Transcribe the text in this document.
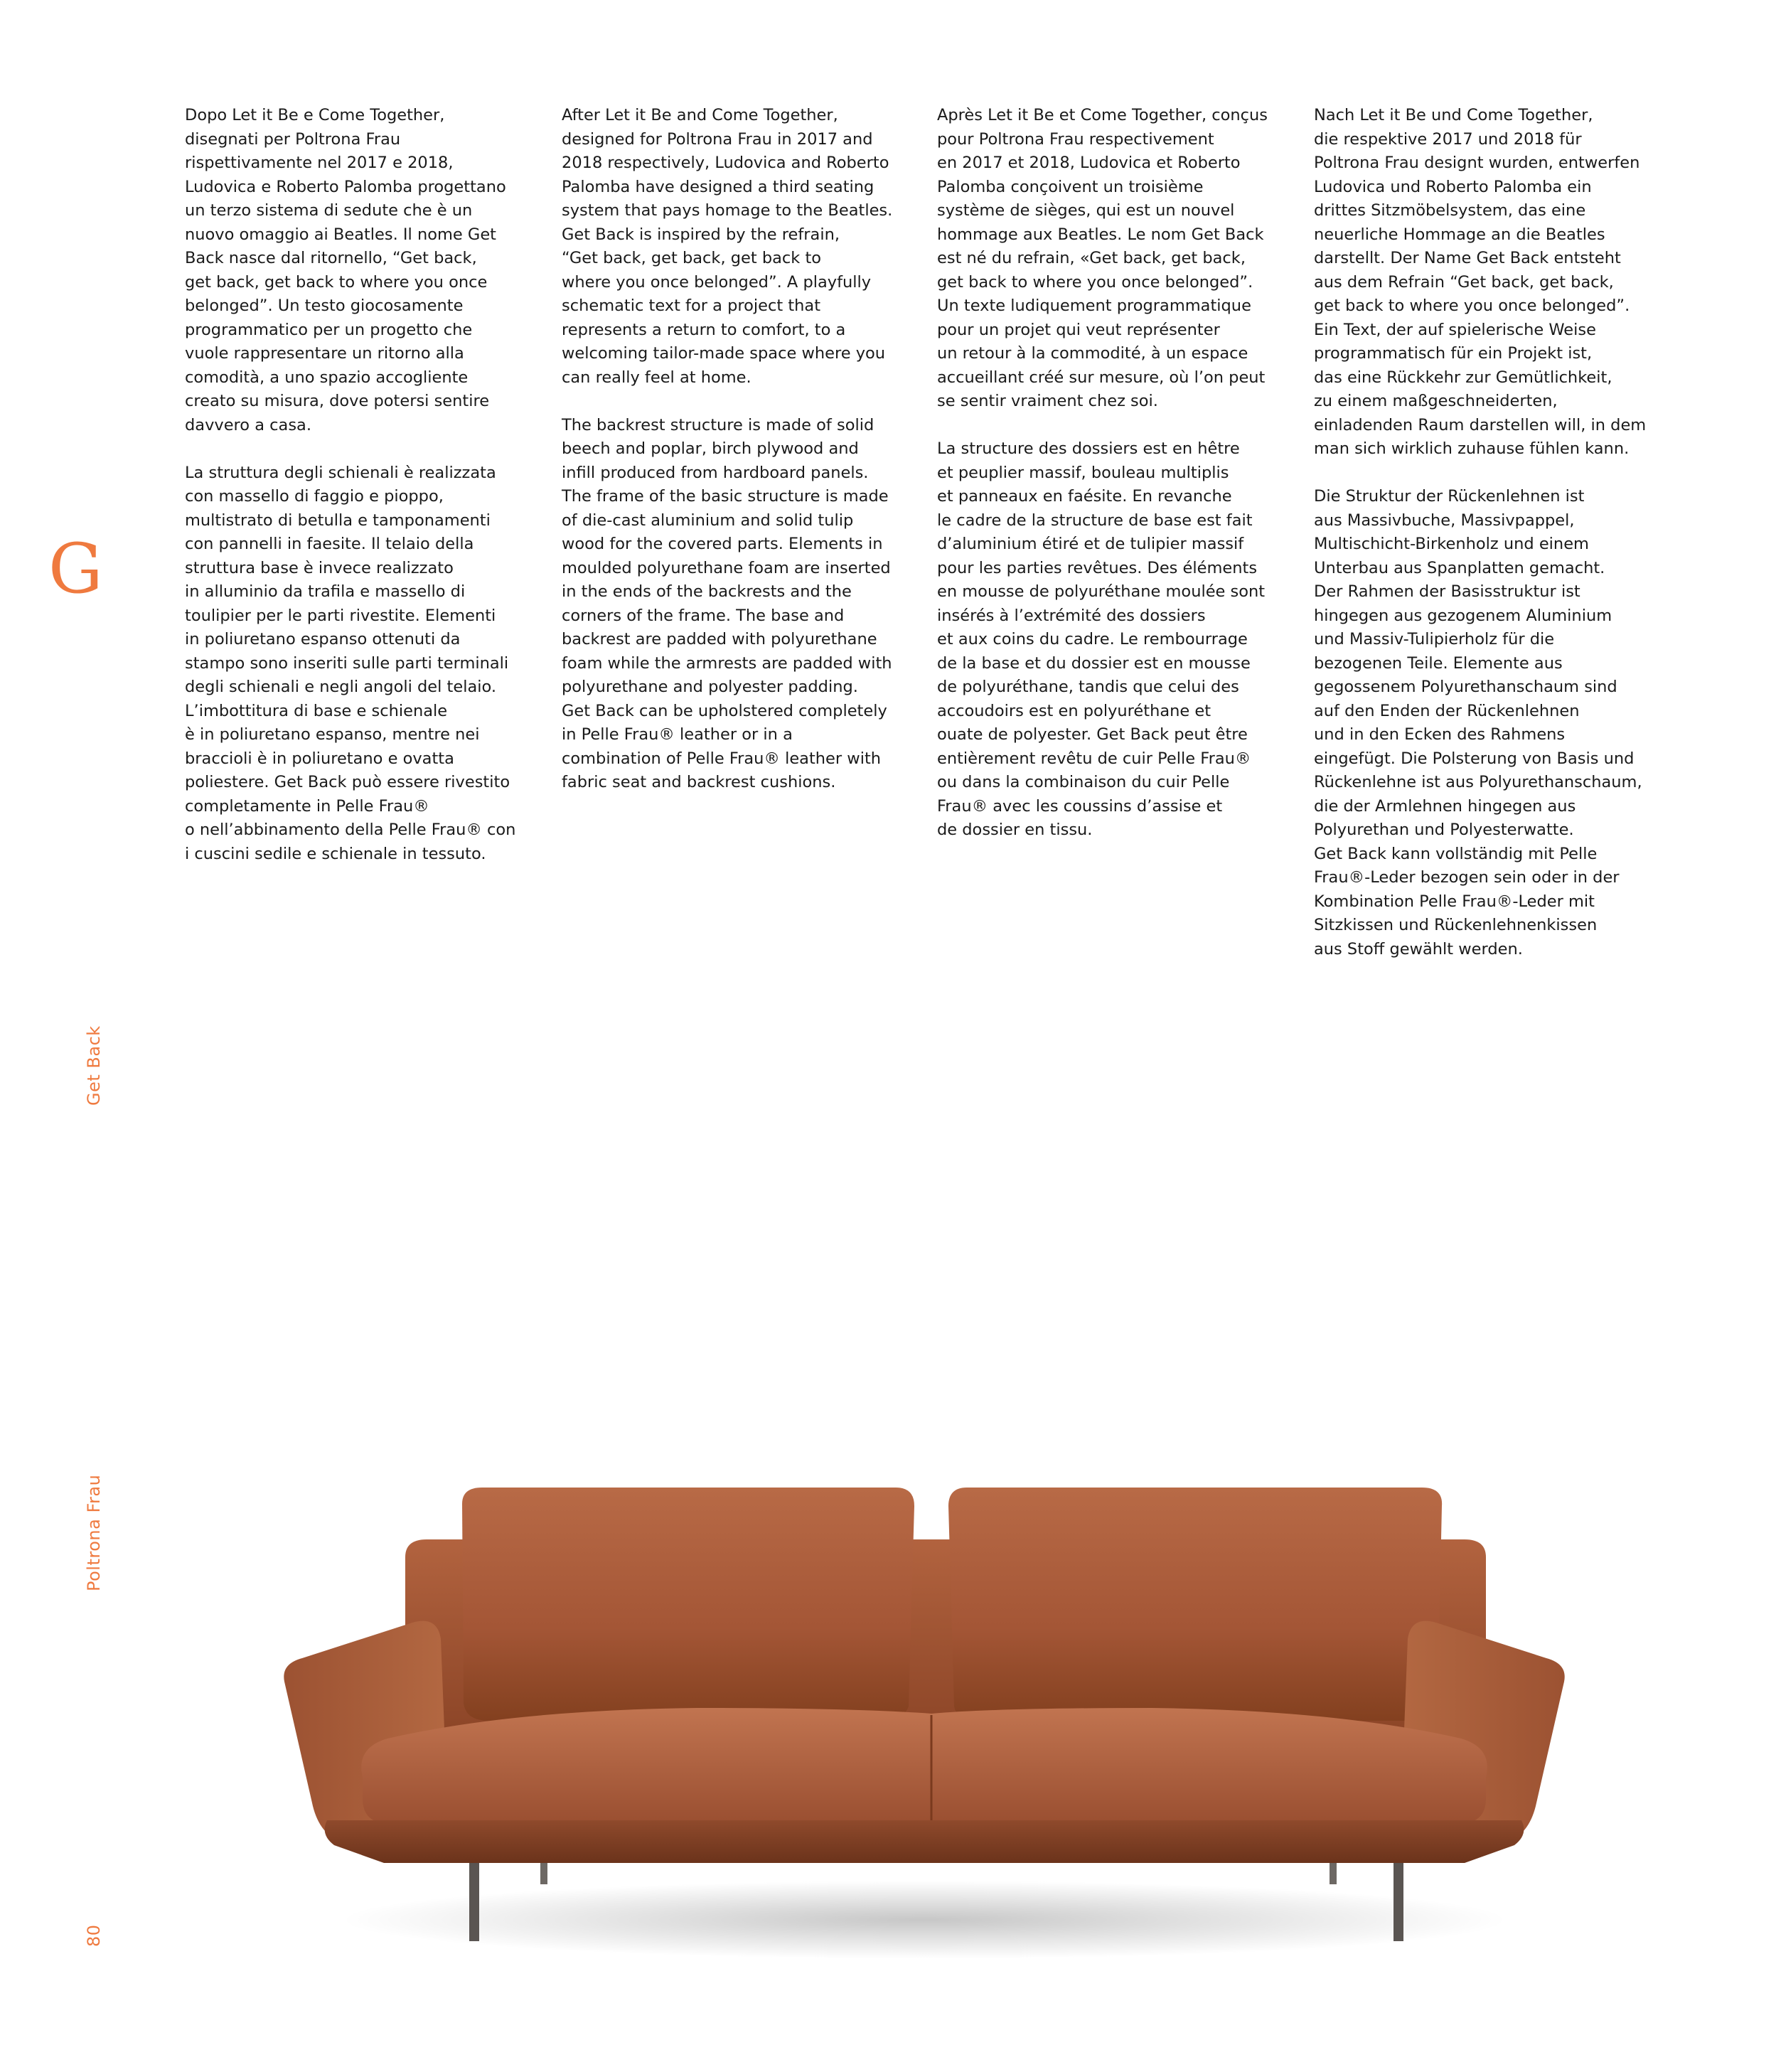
Dopo Let it Be e Come Together,
disegnati per Poltrona Frau
rispettivamente nel 2017 e 2018,
Ludovica e Roberto Palomba progettano
un terzo sistema di sedute che è un
nuovo omaggio ai Beatles. Il nome Get
Back nasce dal ritornello, “Get back,
get back, get back to where you once
belonged”. Un testo giocosamente
programmatico per un progetto che
vuole rappresentare un ritorno alla
comodità, a uno spazio accogliente
creato su misura, dove potersi sentire
davvero a casa.

La struttura degli schienali è realizzata
con massello di faggio e pioppo,
multistrato di betulla e tamponamenti
con pannelli in faesite. Il telaio della
struttura base è invece realizzato
in alluminio da trafila e massello di
toulipier per le parti rivestite. Elementi
in poliuretano espanso ottenuti da
stampo sono inseriti sulle parti terminali
degli schienali e negli angoli del telaio.
L’imbottitura di base e schienale
è in poliuretano espanso, mentre nei
braccioli è in poliuretano e ovatta
poliestere. Get Back può essere rivestito
completamente in Pelle Frau®
o nell’abbinamento della Pelle Frau® con
i cuscini sedile e schienale in tessuto.

After Let it Be and Come Together,
designed for Poltrona Frau in 2017 and
2018 respectively, Ludovica and Roberto
Palomba have designed a third seating
system that pays homage to the Beatles.
Get Back is inspired by the refrain,
“Get back, get back, get back to
where you once belonged”. A playfully
schematic text for a project that
represents a return to comfort, to a
welcoming tailor-made space where you
can really feel at home.

The backrest structure is made of solid
beech and poplar, birch plywood and
infill produced from hardboard panels.
The frame of the basic structure is made
of die-cast aluminium and solid tulip
wood for the covered parts. Elements in
moulded polyurethane foam are inserted
in the ends of the backrests and the
corners of the frame. The base and
backrest are padded with polyurethane
foam while the armrests are padded with
polyurethane and polyester padding.
Get Back can be upholstered completely
in Pelle Frau® leather or in a
combination of Pelle Frau® leather with
fabric seat and backrest cushions.

Après Let it Be et Come Together, conçus
pour Poltrona Frau respectivement
en 2017 et 2018, Ludovica et Roberto
Palomba conçoivent un troisième
système de sièges, qui est un nouvel
hommage aux Beatles. Le nom Get Back
est né du refrain, «Get back, get back,
get back to where you once belonged”.
Un texte ludiquement programmatique
pour un projet qui veut représenter
un retour à la commodité, à un espace
accueillant créé sur mesure, où l’on peut
se sentir vraiment chez soi.

La structure des dossiers est en hêtre
et peuplier massif, bouleau multiplis
et panneaux en faésite. En revanche
le cadre de la structure de base est fait
d’aluminium étiré et de tulipier massif
pour les parties revêtues. Des éléments
en mousse de polyuréthane moulée sont
insérés à l’extrémité des dossiers
et aux coins du cadre. Le rembourrage
de la base et du dossier est en mousse
de polyuréthane, tandis que celui des
accoudoirs est en polyuréthane et
ouate de polyester. Get Back peut être
entièrement revêtu de cuir Pelle Frau®
ou dans la combinaison du cuir Pelle
Frau® avec les coussins d’assise et
de dossier en tissu.

Nach Let it Be und Come Together,
die respektive 2017 und 2018 für
Poltrona Frau designt wurden, entwerfen
Ludovica und Roberto Palomba ein
drittes Sitzmöbelsystem, das eine
neuerliche Hommage an die Beatles
darstellt. Der Name Get Back entsteht
aus dem Refrain “Get back, get back,
get back to where you once belonged”.
Ein Text, der auf spielerische Weise
programmatisch für ein Projekt ist,
das eine Rückkehr zur Gemütlichkeit,
zu einem maßgeschneiderten,
einladenden Raum darstellen will, in dem
man sich wirklich zuhause fühlen kann.

Die Struktur der Rückenlehnen ist
aus Massivbuche, Massivpappel,
Multischicht-Birkenholz und einem
Unterbau aus Spanplatten gemacht.
Der Rahmen der Basisstruktur ist
hingegen aus gezogenem Aluminium
und Massiv-Tulipierholz für die
bezogenen Teile. Elemente aus
gegossenem Polyurethanschaum sind
auf den Enden der Rückenlehnen
und in den Ecken des Rahmens
eingefügt. Die Polsterung von Basis und
Rückenlehne ist aus Polyurethanschaum,
die der Armlehnen hingegen aus
Polyurethan und Polyesterwatte.
Get Back kann vollständig mit Pelle
Frau®-Leder bezogen sein oder in der
Kombination Pelle Frau®-Leder mit
Sitzkissen und Rückenlehnenkissen
aus Stoff gewählt werden.

G
Get Back
Poltrona Frau
80
